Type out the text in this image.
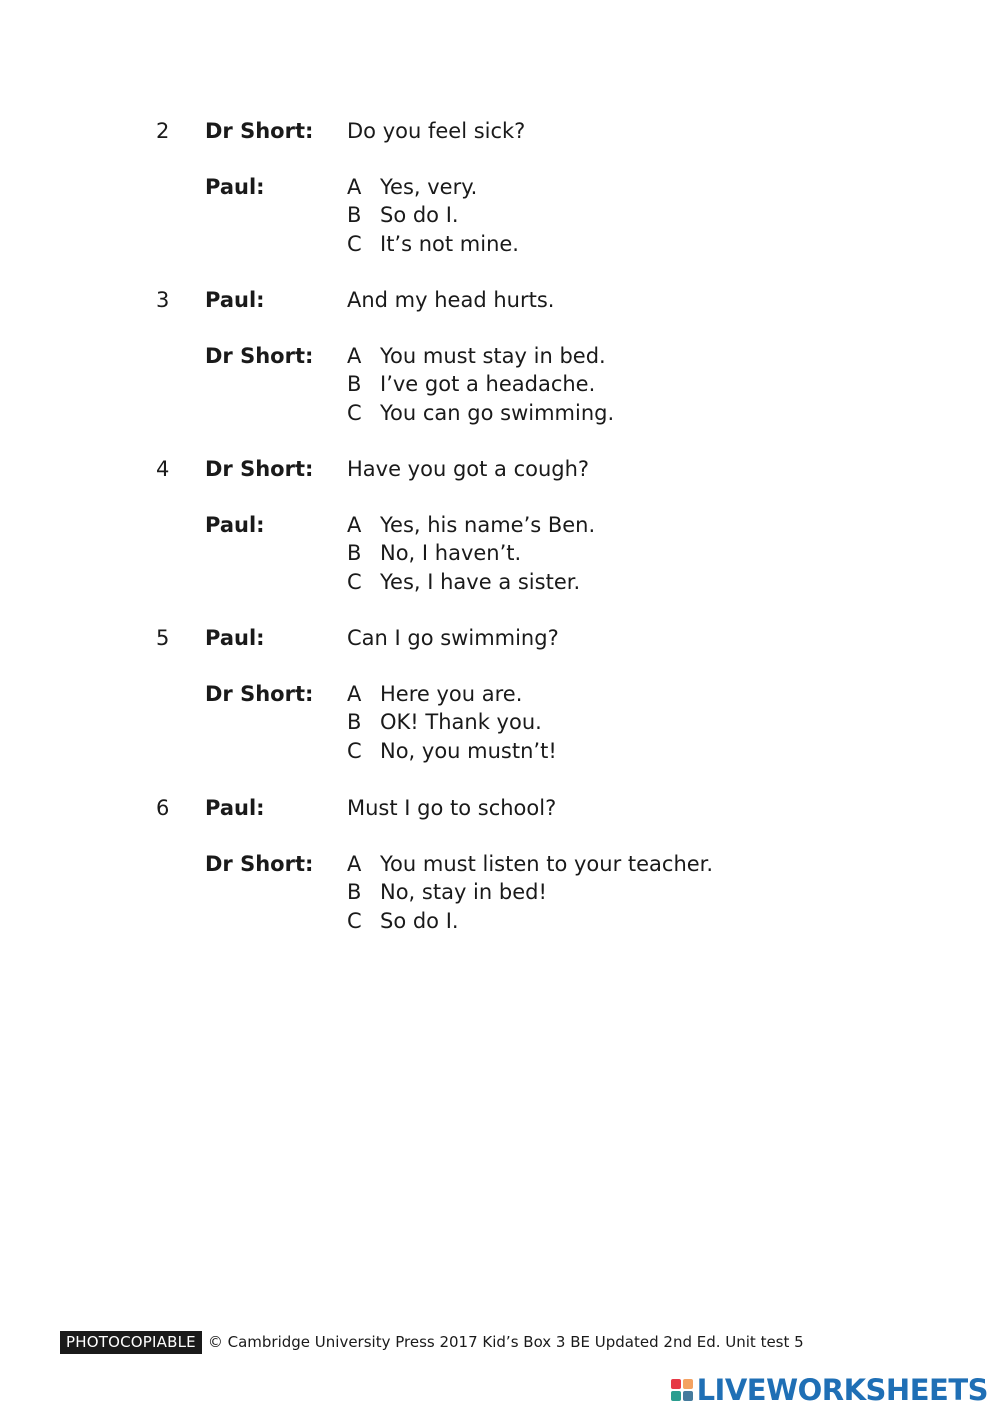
2 Dr Short: Do you feel sick?
Paul:	A Yes, very.
B So do I.
C It’s not mine.
3 Paul:	And my head hurts.
Dr Short: A You must stay in bed.
B I’ve got a headache.
C You can go swimming.
4 Dr Short: Have you got a cough?
Paul:	A Yes, his name’s Ben.
B No, I haven’t.
C Yes, I have a sister.
5 Paul:	Can I go swimming?
Dr Short: A Here you are.
B OK! Thank you.
C No, you mustn’t!
6 Paul:	Must I go to school?
Dr Short: A You must listen to your teacher.
B No, stay in bed!
C So do I.
PHOTOCOPIABLE © Cambridge University Press 2017 Kid’s Box 3 BE Updated 2nd Ed. Unit test 5
LIVEWORKSHEETS
